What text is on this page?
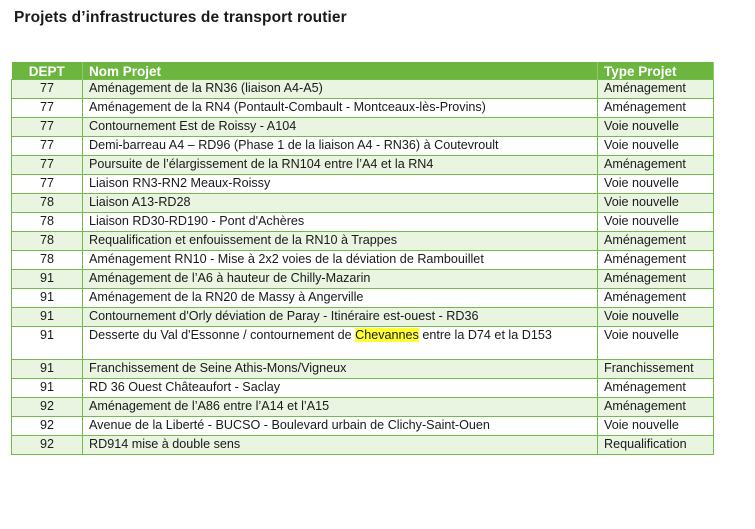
Projets d’infrastructures de transport routier
DEPT	Nom Projet	Type Projet
77	Aménagement de la RN36 (liaison A4-A5)	Aménagement
77	Aménagement de la RN4 (Pontault-Combault - Montceaux-lès-Provins)	Aménagement
77	Contournement Est de Roissy - A104	Voie nouvelle
77	Demi-barreau A4 – RD96 (Phase 1 de la liaison A4 - RN36) à Coutevroult	Voie nouvelle
77	Poursuite de l’élargissement de la RN104 entre l’A4 et la RN4	Aménagement
77	Liaison RN3-RN2 Meaux-Roissy	Voie nouvelle
78	Liaison A13-RD28	Voie nouvelle
78	Liaison RD30-RD190 - Pont d'Achères	Voie nouvelle
78	Requalification et enfouissement de la RN10 à Trappes	Aménagement
78	Aménagement RN10 - Mise à 2x2 voies de la déviation de Rambouillet	Aménagement
91	Aménagement de l’A6 à hauteur de Chilly-Mazarin	Aménagement
91	Aménagement de la RN20 de Massy à Angerville	Aménagement
91	Contournement d'Orly déviation de Paray - Itinéraire est-ouest - RD36	Voie nouvelle
91	Desserte du Val d'Essonne / contournement de Chevannes entre la D74 et la D153	Voie nouvelle
91	Franchissement de Seine Athis-Mons/Vigneux	Franchissement
91	RD 36 Ouest Châteaufort - Saclay	Aménagement
92	Aménagement de l’A86 entre l’A14 et l’A15	Aménagement
92	Avenue de la Liberté - BUCSO - Boulevard urbain de Clichy-Saint-Ouen	Voie nouvelle
92	RD914 mise à double sens	Requalification
